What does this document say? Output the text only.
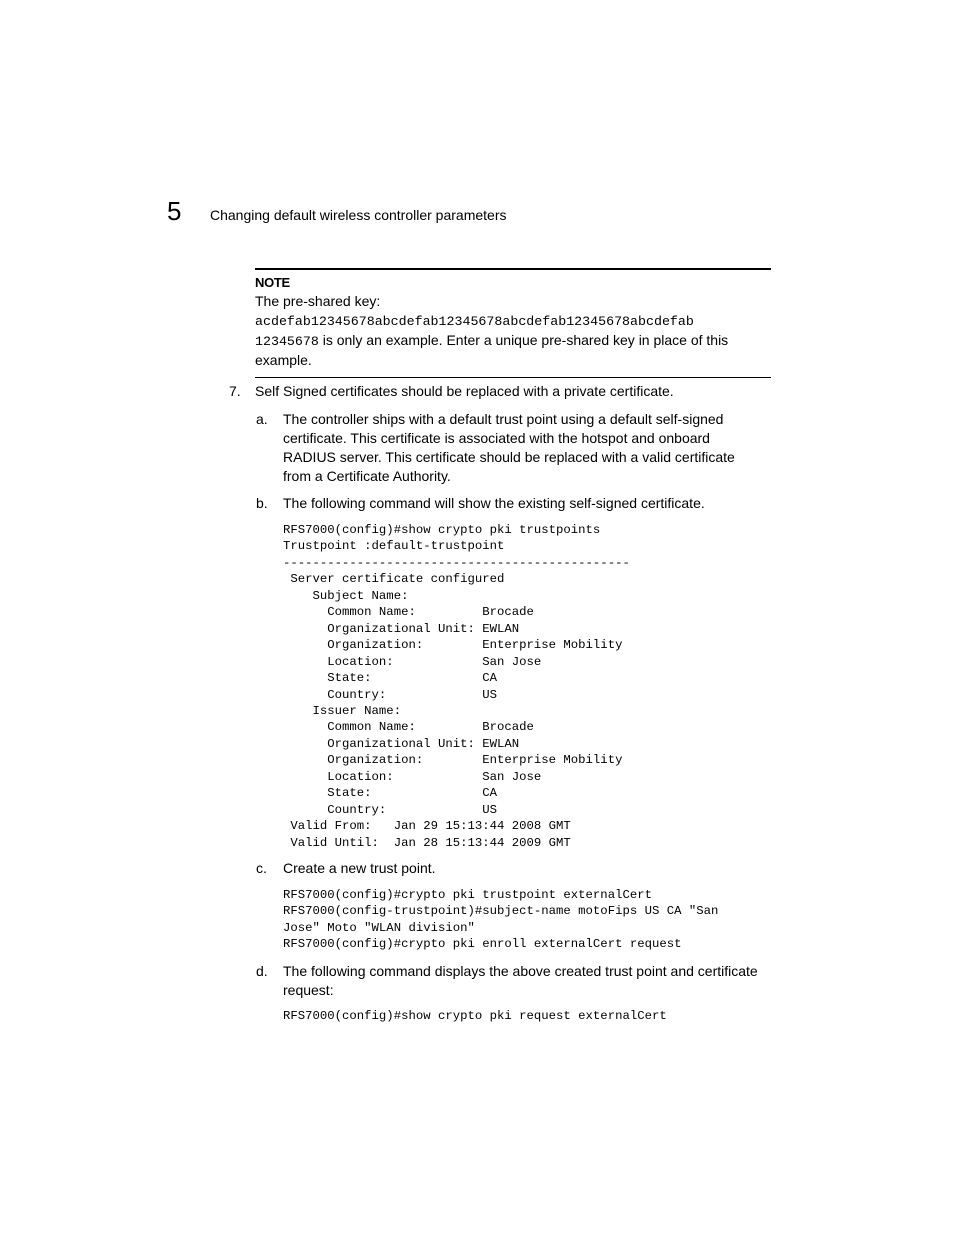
5 Changing default wireless controller parameters
NOTE
The pre-shared key:
acdefab12345678abcdefab12345678abcdefab12345678abcdefab
12345678 is only an example. Enter a unique pre-shared key in place of this example.
7. Self Signed certificates should be replaced with a private certificate.
a. The controller ships with a default trust point using a default self-signed certificate. This certificate is associated with the hotspot and onboard RADIUS server. This certificate should be replaced with a valid certificate from a Certificate Authority.
b. The following command will show the existing self-signed certificate.
RFS7000(config)#show crypto pki trustpoints
Trustpoint :default-trustpoint
-----------------------------------------------
Server certificate configured
Subject Name:
Common Name:         Brocade
Organizational Unit: EWLAN
Organization:        Enterprise Mobility
Location:            San Jose
State:               CA
Country:             US
Issuer Name:
Common Name:         Brocade
Organizational Unit: EWLAN
Organization:        Enterprise Mobility
Location:            San Jose
State:               CA
Country:             US
Valid From:   Jan 29 15:13:44 2008 GMT
Valid Until:  Jan 28 15:13:44 2009 GMT
c. Create a new trust point.
RFS7000(config)#crypto pki trustpoint externalCert
RFS7000(config-trustpoint)#subject-name motoFips US CA "San
Jose" Moto "WLAN division"
RFS7000(config)#crypto pki enroll externalCert request
d. The following command displays the above created trust point and certificate request:
RFS7000(config)#show crypto pki request externalCert
